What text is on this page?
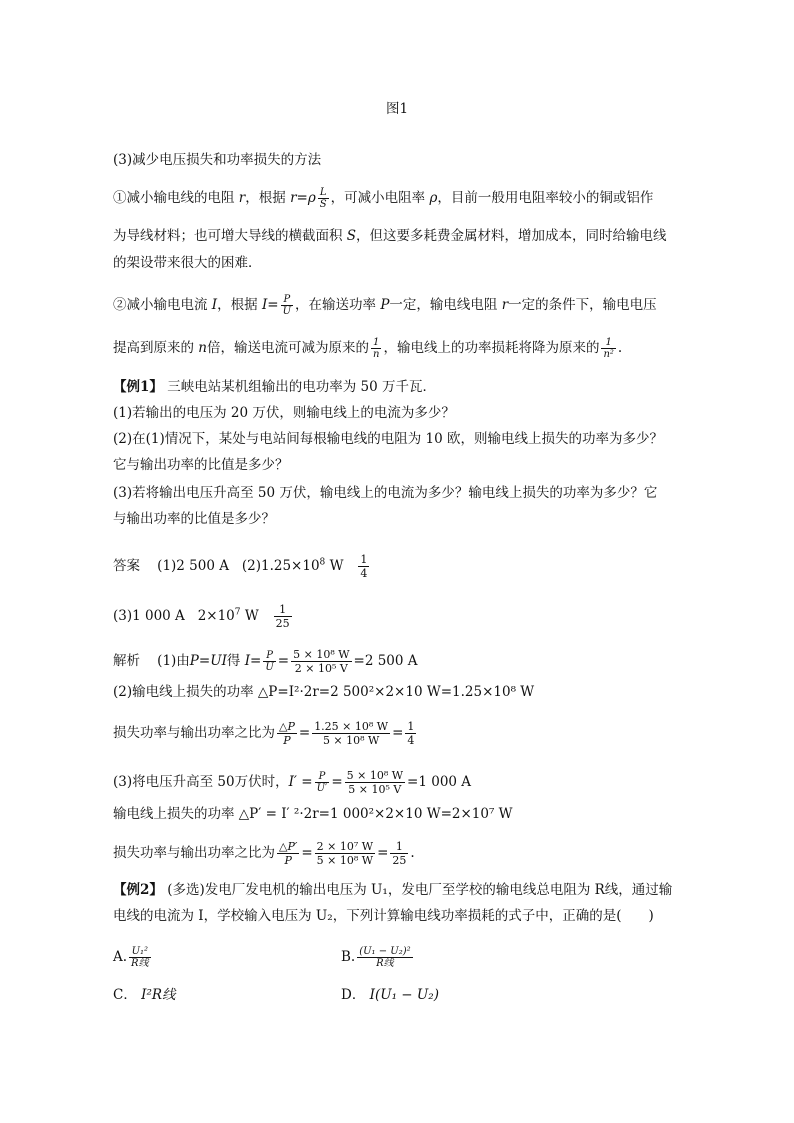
图1
(3)减少电压损失和功率损失的方法
①减小输电线的电阻 r，根据 $r=\rho \frac{L}{S}$ ，可减小电阻率 ρ，目前一般用电阻率较小的铜或铝作
为导线材料；也可增大导线的横截面积 S，但这要多耗费金属材料，增加成本，同时给输电线
的架设带来很大的困难．
②减小输电电流 I，根据 $I= \frac{P}{U}$ ，在输送功率 P一定，输电线电阻 r一定的条件下，输电电压
提高到原来的 n倍，输送电流可减为原来的 $\frac{1}{n}$ ，输电线上的功率损耗将降为原来的 $\frac{1}{\text{n²}}$ .
【例1】 三峡电站某机组输出的电功率为 50 万千瓦．
(1)若输出的电压为 20 万伏，则输电线上的电流为多少？
(2)在(1)情况下，某处与电站间每根输电线的电阻为 10 欧，则输电线上损失的功率为多少？
它与输出功率的比值是多少？
(3)若将输出电压升高至 50 万伏，输电线上的电流为多少？输电线上损失的功率为多少？它
与输出功率的比值是多少？
答案 (1)2 500 A $(2)1.25\times 10^8$ W $\frac{1}{4}$
(3)1 000 A $2\times 10^7$ W $\frac{1}{25}$
解析 (1)由P=UI得 $I= \frac{P}{U} = \frac{\text{5 × 10⁸ W}}{\text{2 × 10⁵ V}} =2$ 500 A
(2)输电线上损失的功率 △P=I²·2r=2 500²×2×10 W=1.25×10⁸ W
损失功率与输出功率之比为 $\frac{\triangle P}{P} = \frac{\text{1.25 × 10⁸ W}}{\text{5 × 10⁸ W}} = \frac{1}{4}$
(3)将电压升高至 50万伏时，$I' = \frac{P}{U'} = \frac{\text{5 × 10⁸ W}}{\text{5 × 10⁵ V}} =1$ 000 A
输电线上损失的功率 △P′ = I′ ²·2r=1 000²×2×10 W=2×10⁷ W
损失功率与输出功率之比为 $\frac{\triangle P'}{P} = \frac{\text{2 × 10⁷ W}}{\text{5 × 10⁸ W}} = \frac{1}{25}$ .
【例2】 (多选)发电厂发电机的输出电压为 U₁，发电厂至学校的输电线总电阻为 R线，通过输
电线的电流为 I，学校输入电压为 U₂，下列计算输电线功率损耗的式子中，正确的是(　　)
A. U₁²
R线	B. (U₁ − U₂)²
R线
C． I²R线	D． I(U₁ − U₂)
